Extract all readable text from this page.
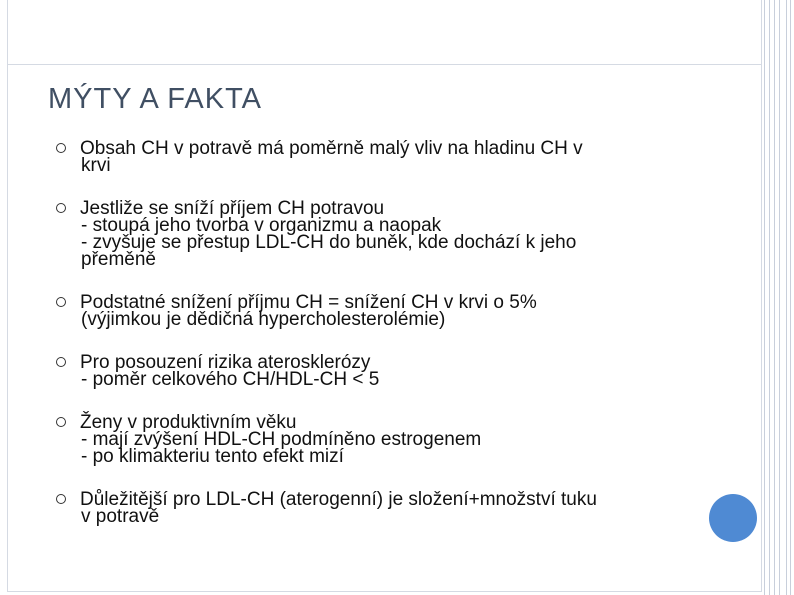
MÝTY A FAKTA
Obsah CH v potravě má poměrně malý vliv na hladinu CH v
krvi
Jestliže se sníží příjem CH potravou
- stoupá jeho tvorba v organizmu a naopak
- zvyšuje se přestup LDL-CH do buněk, kde dochází k jeho
přeměně
Podstatné snížení příjmu CH = snížení CH v krvi o 5%
(výjimkou je dědičná hypercholesterolémie)
Pro posouzení rizika aterosklerózy
- poměr celkového CH/HDL-CH < 5
Ženy v produktivním věku
- mají zvýšení HDL-CH podmíněno estrogenem
- po klimakteriu tento efekt mizí
Důležitější pro LDL-CH (aterogenní) je složení+množství tuku
v potravě
